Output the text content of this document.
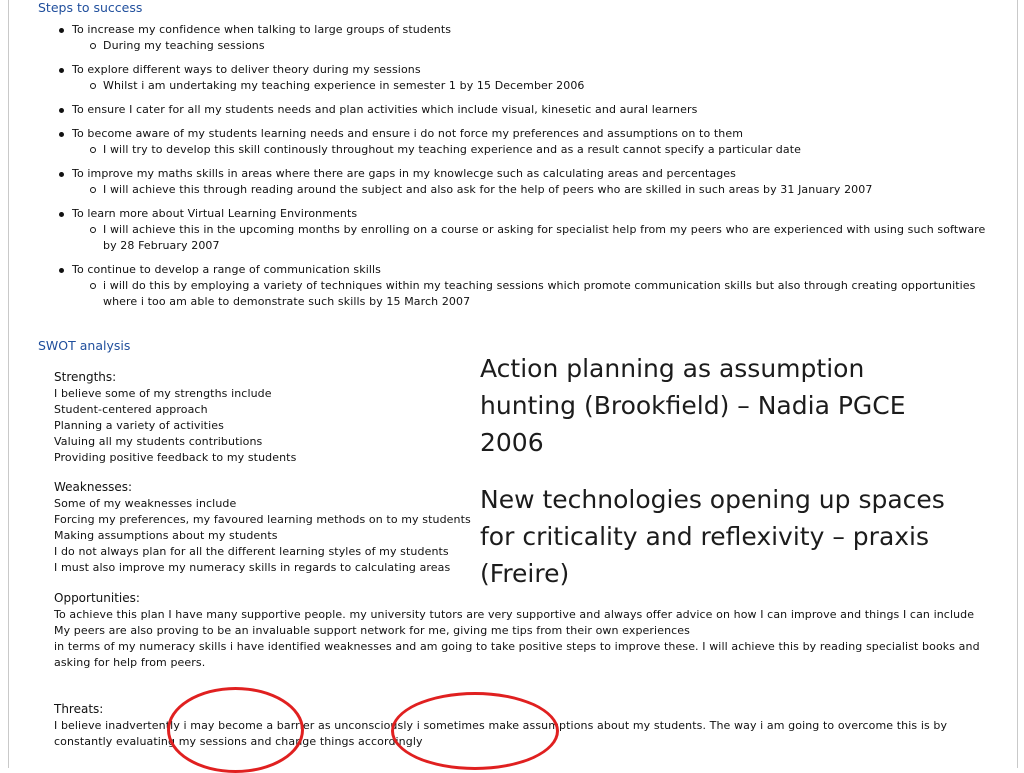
Steps to success
To increase my confidence when talking to large groups of students
During my teaching sessions
To explore different ways to deliver theory during my sessions
Whilst i am undertaking my teaching experience in semester 1 by 15 December 2006
To ensure I cater for all my students needs and plan activities which include visual, kinesetic and aural learners
To become aware of my students learning needs and ensure i do not force my preferences and assumptions on to them
I will try to develop this skill continously throughout my teaching experience and as a result cannot specify a particular date
To improve my maths skills in areas where there are gaps in my knowlecge such as calculating areas and percentages
I will achieve this through reading around the subject and also ask for the help of peers who are skilled in such areas by 31 January 2007
To learn more about Virtual Learning Environments
I will achieve this in the upcoming months by enrolling on a course or asking for specialist help from my peers who are experienced with using such software by 28 February 2007
To continue to develop a range of communication skills
i will do this by employing a variety of techniques within my teaching sessions which promote communication skills but also through creating opportunities where i too am able to demonstrate such skills by 15 March 2007
SWOT analysis
Strengths:
I believe some of my strengths include
Student-centered approach
Planning a variety of activities
Valuing all my students contributions
Providing positive feedback to my students
Weaknesses:
Some of my weaknesses include
Forcing my preferences, my favoured learning methods on to my students
Making assumptions about my students
I do not always plan for all the different learning styles of my students
I must also improve my numeracy skills in regards to calculating areas
Opportunities:
To achieve this plan I have many supportive people. my university tutors are very supportive and always offer advice on how I can improve and things I can include
My peers are also proving to be an invaluable support network for me, giving me tips from their own experiences
in terms of my numeracy skills i have identified weaknesses and am going to take positive steps to improve these. I will achieve this by reading specialist books and asking for help from peers.
Threats:
I believe inadvertently i may become a barrier as unconsciously i sometimes make assumptions about my students. The way i am going to overcome this is by constantly evaluating my sessions and change things accordingly

Action planning as assumption hunting (Brookfield) – Nadia PGCE 2006

New technologies opening up spaces for criticality and reflexivity – praxis (Freire)
